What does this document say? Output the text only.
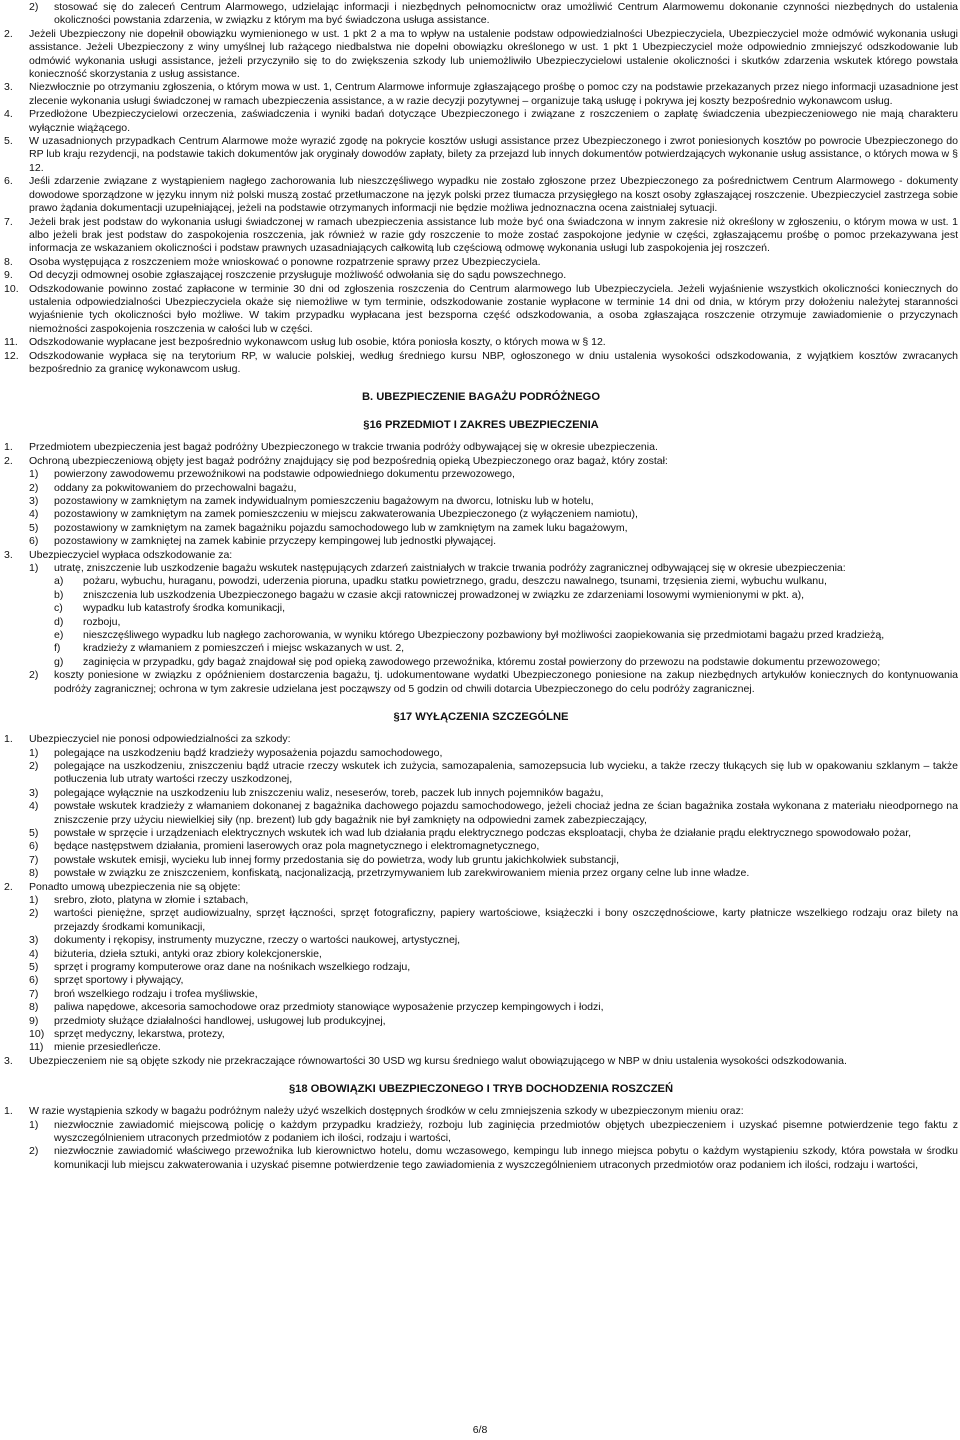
2)	stosować się do zaleceń Centrum Alarmowego, udzielając informacji i niezbędnych pełnomocnictw oraz umożliwić Centrum Alarmowemu dokonanie czynności niezbędnych do ustalenia okoliczności powstania zdarzenia, w związku z którym ma być świadczona usługa assistance.
2.	Jeżeli Ubezpieczony nie dopełnił obowiązku wymienionego w ust. 1 pkt 2 a ma to wpływ na ustalenie podstaw odpowiedzialności Ubezpieczyciela, Ubezpieczyciel może odmówić wykonania usługi assistance. Jeżeli Ubezpieczony z winy umyślnej lub rażącego niedbalstwa nie dopełni obowiązku określonego w ust. 1 pkt 1 Ubezpieczyciel może odpowiednio zmniejszyć odszkodowanie lub odmówić wykonania usługi assistance, jeżeli przyczyniło się to do zwiększenia szkody lub uniemożliwiło Ubezpieczycielowi ustalenie okoliczności i skutków zdarzenia wskutek którego powstała konieczność skorzystania z usług assistance.
3.	Niezwłocznie po otrzymaniu zgłoszenia, o którym mowa w ust. 1, Centrum Alarmowe informuje zgłaszającego prośbę o pomoc czy na podstawie przekazanych przez niego informacji uzasadnione jest zlecenie wykonania usługi świadczonej w ramach ubezpieczenia assistance, a w razie decyzji pozytywnej – organizuje taką usługę i pokrywa jej koszty bezpośrednio wykonawcom usług.
4.	Przedłożone Ubezpieczycielowi orzeczenia, zaświadczenia i wyniki badań dotyczące Ubezpieczonego i związane z roszczeniem o zapłatę świadczenia ubezpieczeniowego nie mają charakteru wyłącznie wiążącego.
5.	W uzasadnionych przypadkach Centrum Alarmowe może wyrazić zgodę na pokrycie kosztów usługi assistance przez Ubezpieczonego i zwrot poniesionych kosztów po powrocie Ubezpieczonego do RP lub kraju rezydencji, na podstawie takich dokumentów jak oryginały dowodów zapłaty, bilety za przejazd lub innych dokumentów potwierdzających wykonanie usług assistance, o których mowa w § 12.
6.	Jeśli zdarzenie związane z wystąpieniem nagłego zachorowania lub nieszczęśliwego wypadku nie zostało zgłoszone przez Ubezpieczonego za pośrednictwem Centrum Alarmowego - dokumenty dowodowe sporządzone w języku innym niż polski muszą zostać przetłumaczone na język polski przez tłumacza przysięgłego na koszt osoby zgłaszającej roszczenie. Ubezpieczyciel zastrzega sobie prawo żądania dokumentacji uzupełniającej, jeżeli na podstawie otrzymanych informacji nie będzie możliwa jednoznaczna ocena zaistniałej sytuacji.
7.	Jeżeli brak jest podstaw do wykonania usługi świadczonej w ramach ubezpieczenia assistance lub może być ona świadczona w innym zakresie niż określony w zgłoszeniu, o którym mowa w ust. 1 albo jeżeli brak jest podstaw do zaspokojenia roszczenia, jak również w razie gdy roszczenie to może zostać zaspokojone jedynie w części, zgłaszającemu prośbę o pomoc przekazywana jest informacja ze wskazaniem okoliczności i podstaw prawnych uzasadniających całkowitą lub częściową odmowę wykonania usługi lub zaspokojenia jej roszczeń.
8.	Osoba występująca z roszczeniem może wnioskować o ponowne rozpatrzenie sprawy przez Ubezpieczyciela.
9.	Od decyzji odmownej osobie zgłaszającej roszczenie przysługuje możliwość odwołania się do sądu powszechnego.
10. Odszkodowanie powinno zostać zapłacone w terminie 30 dni od zgłoszenia roszczenia do Centrum alarmowego lub Ubezpieczyciela. Jeżeli wyjaśnienie wszystkich okoliczności koniecznych do ustalenia odpowiedzialności Ubezpieczyciela okaże się niemożliwe w tym terminie, odszkodowanie zostanie wypłacone w terminie 14 dni od dnia, w którym przy dołożeniu należytej staranności wyjaśnienie tych okoliczności było możliwe. W takim przypadku wypłacana jest bezsporna część odszkodowania, a osoba zgłaszająca roszczenie otrzymuje zawiadomienie o przyczynach niemożności zaspokojenia roszczenia w całości lub w części.
11.	Odszkodowanie wypłacane jest bezpośrednio wykonawcom usług lub osobie, która poniosła koszty, o których mowa w § 12.
12. Odszkodowanie wypłaca się na terytorium RP, w walucie polskiej, według średniego kursu NBP, ogłoszonego w dniu ustalenia wysokości odszkodowania, z wyjątkiem kosztów zwracanych bezpośrednio za granicę wykonawcom usług.
B. UBEZPIECZENIE BAGAŻU PODRÓŻNEGO
§16 PRZEDMIOT I ZAKRES UBEZPIECZENIA
1.	Przedmiotem ubezpieczenia jest bagaż podróżny Ubezpieczonego w trakcie trwania podróży odbywającej się w okresie ubezpieczenia.
2.	Ochroną ubezpieczeniową objęty jest bagaż podróżny znajdujący się pod bezpośrednią opieką Ubezpieczonego oraz bagaż, który został:
1)	powierzony zawodowemu przewoźnikowi na podstawie odpowiedniego dokumentu przewozowego,
2)	oddany za pokwitowaniem do przechowalni bagażu,
3)	pozostawiony w zamkniętym na zamek indywidualnym pomieszczeniu bagażowym na dworcu, lotnisku lub w hotelu,
4)	pozostawiony w zamkniętym na zamek pomieszczeniu w miejscu zakwaterowania Ubezpieczonego (z wyłączeniem namiotu),
5)	pozostawiony w zamkniętym na zamek bagażniku pojazdu samochodowego lub w zamkniętym na zamek luku bagażowym,
6)	pozostawiony w zamkniętej na zamek kabinie przyczepy kempingowej lub jednostki pływającej.
3.	Ubezpieczyciel wypłaca odszkodowanie za:
1)	utratę, zniszczenie lub uszkodzenie bagażu wskutek następujących zdarzeń zaistniałych w trakcie trwania podróży zagranicznej odbywającej się w okresie ubezpieczenia:
a)	pożaru, wybuchu, huraganu, powodzi, uderzenia pioruna, upadku statku powietrznego, gradu, deszczu nawalnego, tsunami, trzęsienia ziemi, wybuchu wulkanu,
b)	zniszczenia lub uszkodzenia Ubezpieczonego bagażu w czasie akcji ratowniczej prowadzonej w związku ze zdarzeniami losowymi wymienionymi w pkt. a),
c)	wypadku lub katastrofy środka komunikacji,
d)	rozboju,
e)	nieszczęśliwego wypadku lub nagłego zachorowania, w wyniku którego Ubezpieczony pozbawiony był możliwości zaopiekowania się przedmiotami bagażu przed kradzieżą,
f)	kradzieży z włamaniem z pomieszczeń i miejsc wskazanych w ust. 2,
g)	zaginięcia w przypadku, gdy bagaż znajdował się pod opieką zawodowego przewoźnika, któremu został powierzony do przewozu na podstawie dokumentu przewozowego;
2)	koszty poniesione w związku z opóźnieniem dostarczenia bagażu, tj. udokumentowane wydatki Ubezpieczonego poniesione na zakup niezbędnych artykułów koniecznych do kontynuowania podróży zagranicznej; ochrona w tym zakresie udzielana jest począwszy od 5 godzin od chwili dotarcia Ubezpieczonego do celu podróży zagranicznej.
§17 WYŁĄCZENIA SZCZEGÓLNE
1.	Ubezpieczyciel nie ponosi odpowiedzialności za szkody:
1)	polegające na uszkodzeniu bądź kradzieży wyposażenia pojazdu samochodowego,
2)	polegające na uszkodzeniu, zniszczeniu bądź utracie rzeczy wskutek ich zużycia, samozapalenia, samozepsucia lub wycieku, a także rzeczy tłukących się lub w opakowaniu szklanym – także potłuczenia lub utraty wartości rzeczy uszkodzonej,
3)	polegające wyłącznie na uszkodzeniu lub zniszczeniu waliz, neseserów, toreb, paczek lub innych pojemników bagażu,
4)	powstałe wskutek kradzieży z włamaniem dokonanej z bagażnika dachowego pojazdu samochodowego, jeżeli chociaż jedna ze ścian bagażnika została wykonana z materiału nieodpornego na zniszczenie przy użyciu niewielkiej siły (np. brezent) lub gdy bagażnik nie był zamknięty na odpowiedni zamek zabezpieczający,
5)	powstałe w sprzęcie i urządzeniach elektrycznych wskutek ich wad lub działania prądu elektrycznego podczas eksploatacji, chyba że działanie prądu elektrycznego spowodowało pożar,
6)	będące następstwem działania, promieni laserowych oraz pola magnetycznego i elektromagnetycznego,
7)	powstałe wskutek emisji, wycieku lub innej formy przedostania się do powietrza, wody lub gruntu jakichkolwiek substancji,
8)	powstałe w związku ze zniszczeniem, konfiskatą, nacjonalizacją, przetrzymywaniem lub zarekwirowaniem mienia przez organy celne lub inne władze.
2.	Ponadto umową ubezpieczenia nie są objęte:
1)	srebro, złoto, platyna w złomie i sztabach,
2)	wartości pieniężne, sprzęt audiowizualny, sprzęt łączności, sprzęt fotograficzny, papiery wartościowe, książeczki i bony oszczędnościowe, karty płatnicze wszelkiego rodzaju oraz bilety na przejazdy środkami komunikacji,
3)	dokumenty i rękopisy, instrumenty muzyczne, rzeczy o wartości naukowej, artystycznej,
4)	biżuteria, dzieła sztuki, antyki oraz zbiory kolekcjonerskie,
5)	sprzęt i programy komputerowe oraz dane na nośnikach wszelkiego rodzaju,
6)	sprzęt sportowy i pływający,
7)	broń wszelkiego rodzaju i trofea myśliwskie,
8)	paliwa napędowe, akcesoria samochodowe oraz przedmioty stanowiące wyposażenie przyczep kempingowych i łodzi,
9)	przedmioty służące działalności handlowej, usługowej lub produkcyjnej,
10) sprzęt medyczny, lekarstwa, protezy,
11)	mienie przesiedleńcze.
3.	Ubezpieczeniem nie są objęte szkody nie przekraczające równowartości 30 USD wg kursu średniego walut obowiązującego w NBP w dniu ustalenia wysokości odszkodowania.
§18 OBOWIĄZKI UBEZPIECZONEGO I TRYB DOCHODZENIA ROSZCZEŃ
1.	W razie wystąpienia szkody w bagażu podróżnym należy użyć wszelkich dostępnych środków w celu zmniejszenia szkody w ubezpieczonym mieniu oraz:
1)	niezwłocznie zawiadomić miejscową policję o każdym przypadku kradzieży, rozboju lub zaginięcia przedmiotów objętych ubezpieczeniem i uzyskać pisemne potwierdzenie tego faktu z wyszczególnieniem utraconych przedmiotów z podaniem ich ilości, rodzaju i wartości,
2)	niezwłocznie zawiadomić właściwego przewoźnika lub kierownictwo hotelu, domu wczasowego, kempingu lub innego miejsca pobytu o każdym wystąpieniu szkody, która powstała w środku komunikacji lub miejscu zakwaterowania i uzyskać pisemne potwierdzenie tego zawiadomienia z wyszczególnieniem utraconych przedmiotów oraz podaniem ich ilości, rodzaju i wartości,
6/8
